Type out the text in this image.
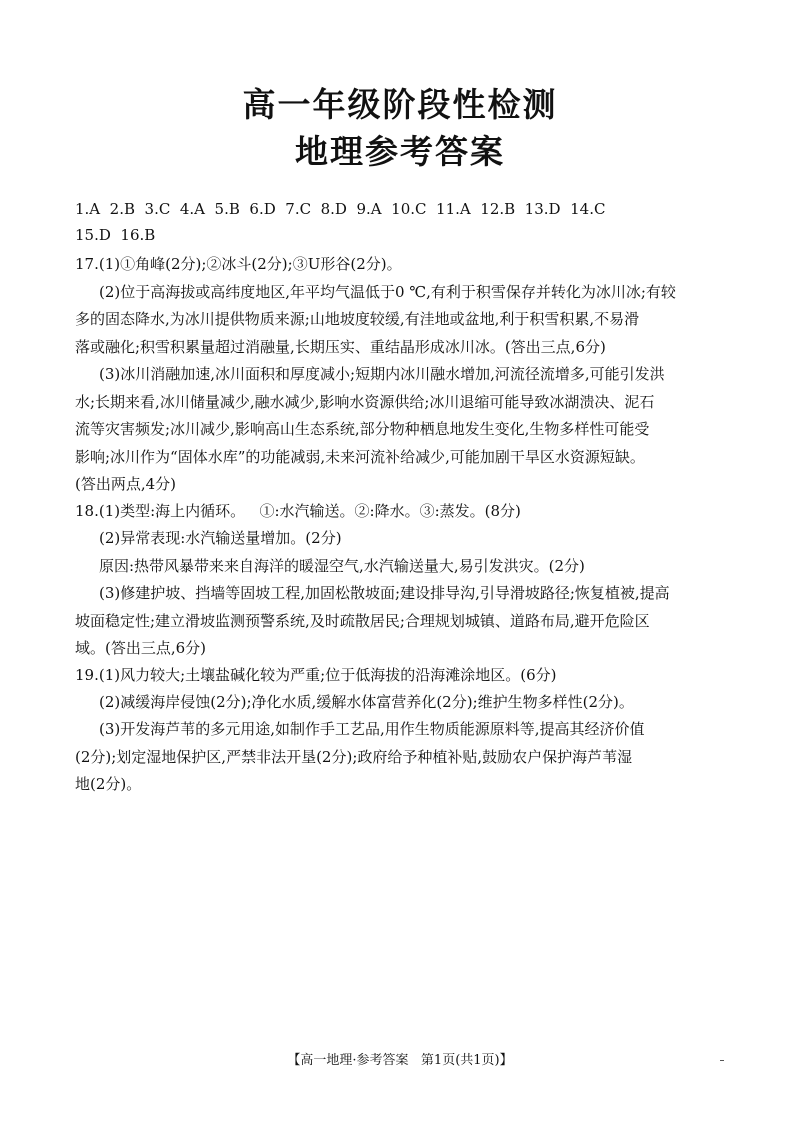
高一年级阶段性检测
地理参考答案
1.A  2.B  3.C  4.A  5.B  6.D  7.C  8.D  9.A  10.C  11.A  12.B  13.D  14.C
15.D  16.B
17.(1)①角峰(2分);②冰斗(2分);③U形谷(2分)。
(2)位于高海拔或高纬度地区,年平均气温低于0 ℃,有利于积雪保存并转化为冰川冰;有较
多的固态降水,为冰川提供物质来源;山地坡度较缓,有洼地或盆地,利于积雪积累,不易滑
落或融化;积雪积累量超过消融量,长期压实、重结晶形成冰川冰。(答出三点,6分)
(3)冰川消融加速,冰川面积和厚度减小;短期内冰川融水增加,河流径流增多,可能引发洪
水;长期来看,冰川储量减少,融水减少,影响水资源供给;冰川退缩可能导致冰湖溃决、泥石
流等灾害频发;冰川减少,影响高山生态系统,部分物种栖息地发生变化,生物多样性可能受
影响;冰川作为“固体水库”的功能减弱,未来河流补给减少,可能加剧干旱区水资源短缺。
(答出两点,4分)
18.(1)类型:海上内循环。   ①:水汽输送。②:降水。③:蒸发。(8分)
(2)异常表现:水汽输送量增加。(2分)
原因:热带风暴带来来自海洋的暖湿空气,水汽输送量大,易引发洪灾。(2分)
(3)修建护坡、挡墙等固坡工程,加固松散坡面;建设排导沟,引导滑坡路径;恢复植被,提高
坡面稳定性;建立滑坡监测预警系统,及时疏散居民;合理规划城镇、道路布局,避开危险区
域。(答出三点,6分)
19.(1)风力较大;土壤盐碱化较为严重;位于低海拔的沿海滩涂地区。(6分)
(2)减缓海岸侵蚀(2分);净化水质,缓解水体富营养化(2分);维护生物多样性(2分)。
(3)开发海芦苇的多元用途,如制作手工艺品,用作生物质能源原料等,提高其经济价值
(2分);划定湿地保护区,严禁非法开垦(2分);政府给予种植补贴,鼓励农户保护海芦苇湿
地(2分)。
【高一地理·参考答案   第1页(共1页)】
